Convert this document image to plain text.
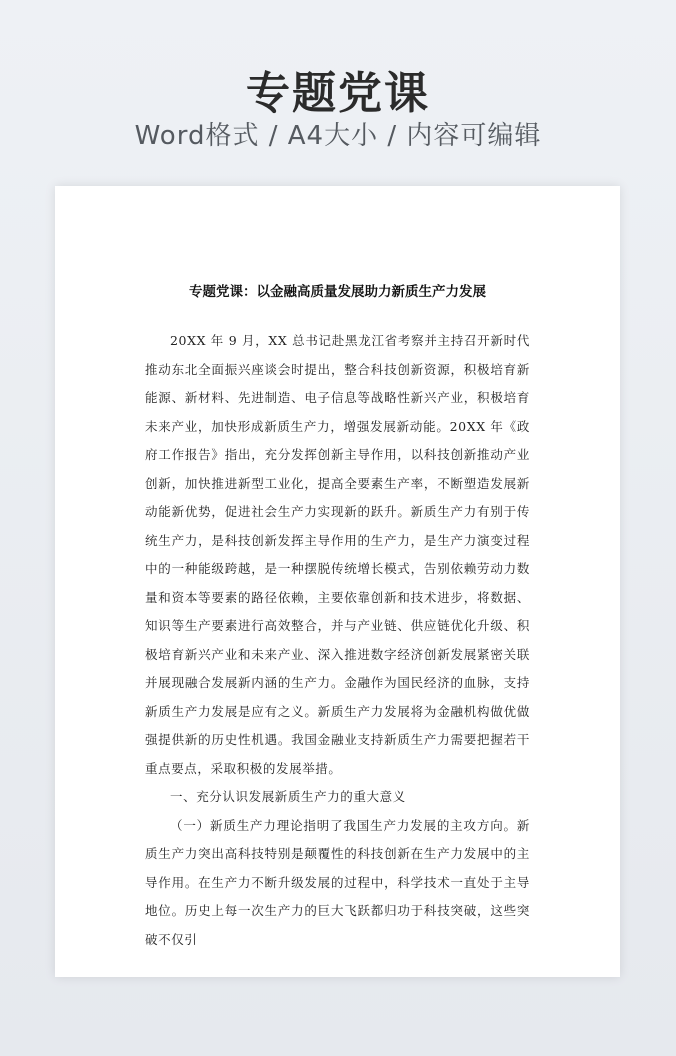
专题党课
Word格式 / A4大小 / 内容可编辑
专题党课：以金融高质量发展助力新质生产力发展

20XX 年 9 月，XX 总书记赴黑龙江省考察并主持召开新时代推动东北全面振兴座谈会时提出，整合科技创新资源，积极培育新能源、新材料、先进制造、电子信息等战略性新兴产业，积极培育未来产业，加快形成新质生产力，增强发展新动能。20XX 年《政府工作报告》指出，充分发挥创新主导作用，以科技创新推动产业创新，加快推进新型工业化，提高全要素生产率，不断塑造发展新动能新优势，促进社会生产力实现新的跃升。新质生产力有别于传统生产力，是科技创新发挥主导作用的生产力，是生产力演变过程中的一种能级跨越，是一种摆脱传统增长模式，告别依赖劳动力数量和资本等要素的路径依赖，主要依靠创新和技术进步，将数据、知识等生产要素进行高效整合，并与产业链、供应链优化升级、积极培育新兴产业和未来产业、深入推进数字经济创新发展紧密关联并展现融合发展新内涵的生产力。金融作为国民经济的血脉，支持新质生产力发展是应有之义。新质生产力发展将为金融机构做优做强提供新的历史性机遇。我国金融业支持新质生产力需要把握若干重点要点，采取积极的发展举措。

一、充分认识发展新质生产力的重大意义

（一）新质生产力理论指明了我国生产力发展的主攻方向。新质生产力突出高科技特别是颠覆性的科技创新在生产力发展中的主导作用。在生产力不断升级发展的过程中，科学技术一直处于主导地位。历史上每一次生产力的巨大飞跃都归功于科技突破，这些突破不仅引
